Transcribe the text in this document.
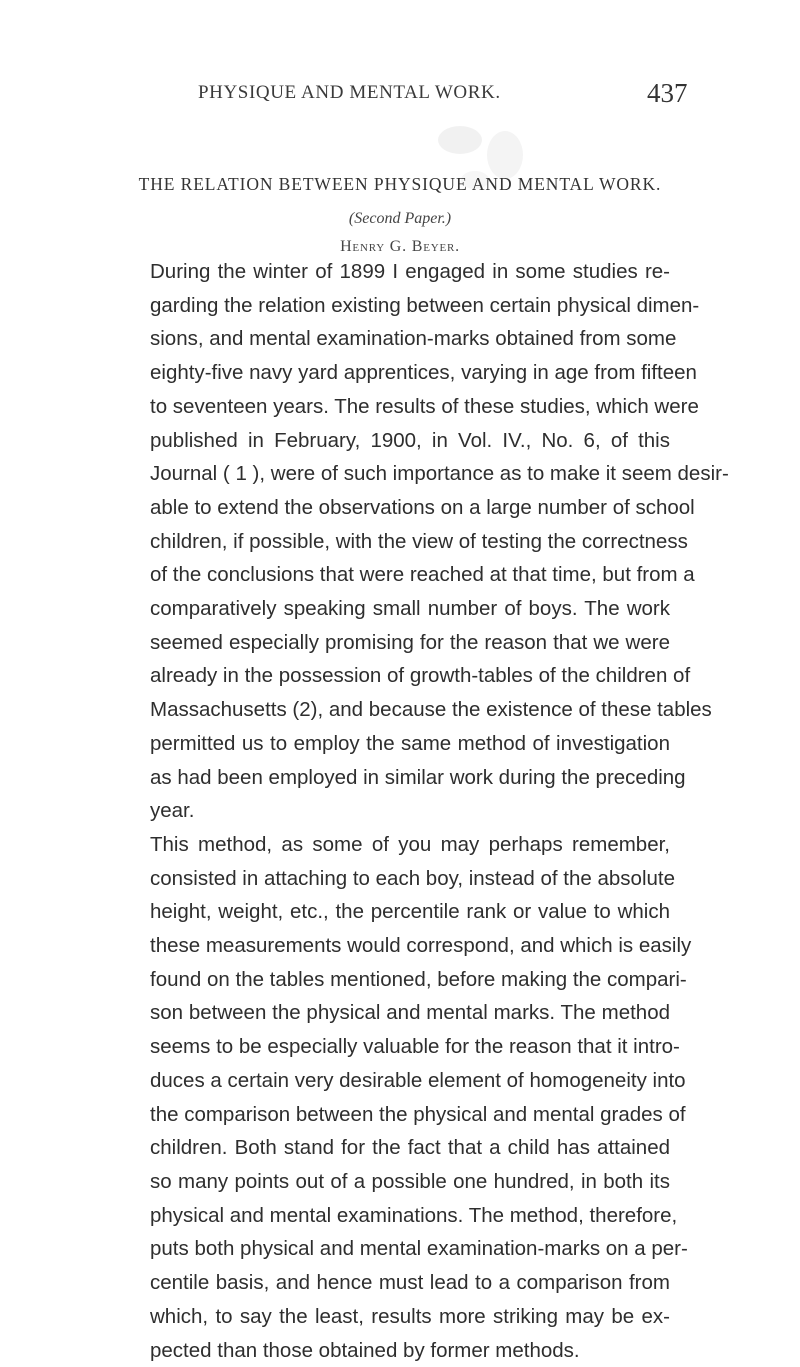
PHYSIQUE AND MENTAL WORK.	437
THE RELATION BETWEEN PHYSIQUE AND MENTAL WORK.
(Second Paper.)
Henry G. Beyer.

During the winter of 1899 I engaged in some studies re-
garding the relation existing between certain physical dimen-
sions, and mental examination-marks obtained from some
eighty-five navy yard apprentices, varying in age from fifteen
to seventeen years. The results of these studies, which were
published in February, 1900, in Vol. IV., No. 6, of this
Journal ( 1 ), were of such importance as to make it seem desir-
able to extend the observations on a large number of school
children, if possible, with the view of testing the correctness
of the conclusions that were reached at that time, but from a
comparatively speaking small number of boys. The work
seemed especially promising for the reason that we were
already in the possession of growth-tables of the children of
Massachusetts (2), and because the existence of these tables
permitted us to employ the same method of investigation
as had been employed in similar work during the preceding
year.

This method, as some of you may perhaps remember,
consisted in attaching to each boy, instead of the absolute
height, weight, etc., the percentile rank or value to which
these measurements would correspond, and which is easily
found on the tables mentioned, before making the compari-
son between the physical and mental marks. The method
seems to be especially valuable for the reason that it intro-
duces a certain very desirable element of homogeneity into
the comparison between the physical and mental grades of
children. Both stand for the fact that a child has attained
so many points out of a possible one hundred, in both its
physical and mental examinations. The method, therefore,
puts both physical and mental examination-marks on a per-
centile basis, and hence must lead to a comparison from
which, to say the least, results more striking may be ex-
pected than those obtained by former methods.
